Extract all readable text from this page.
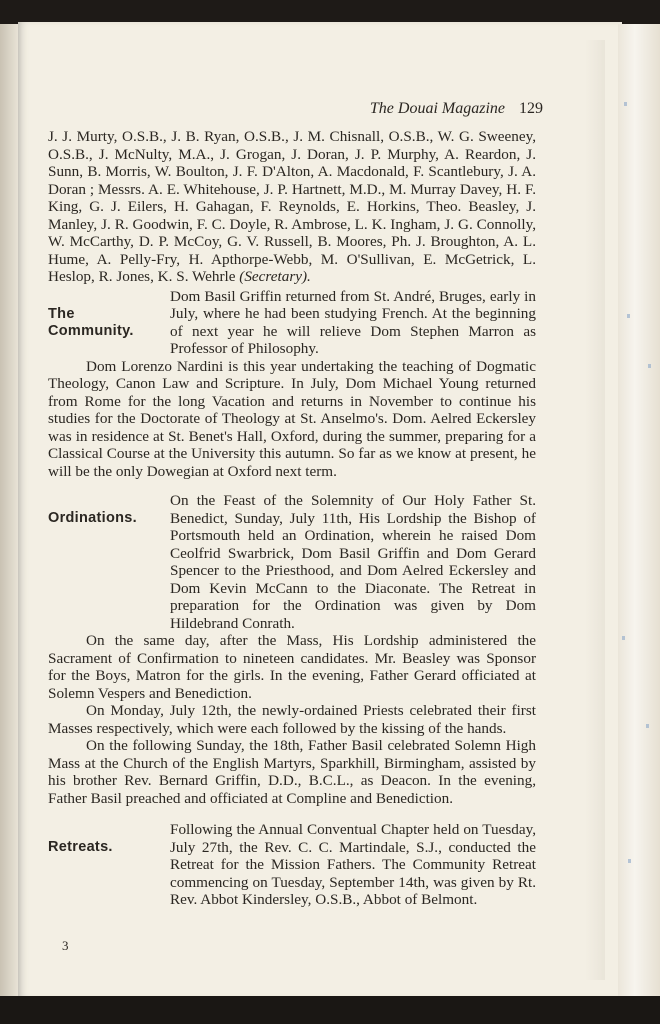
The Douai Magazine 129

J. J. Murty, O.S.B., J. B. Ryan, O.S.B., J. M. Chisnall, O.S.B., W. G. Sweeney, O.S.B., J. McNulty, M.A., J. Grogan, J. Doran, J. P. Murphy, A. Reardon, J. Sunn, B. Morris, W. Boulton, J. F. D'Alton, A. Macdonald, F. Scantlebury, J. A. Doran ; Messrs. A. E. Whitehouse, J. P. Hartnett, M.D., M. Murray Davey, H. F. King, G. J. Eilers, H. Gahagan, F. Reynolds, E. Horkins, Theo. Beasley, J. Manley, J. R. Goodwin, F. C. Doyle, R. Ambrose, L. K. Ingham, J. G. Connolly, W. McCarthy, D. P. McCoy, G. V. Russell, B. Moores, Ph. J. Broughton, A. L. Hume, A. Pelly-Fry, H. Apthorpe-Webb, M. O'Sullivan, E. McGetrick, L. Heslop, R. Jones, K. S. Wehrle (Secretary).

The
Community.

Dom Basil Griffin returned from St. André, Bruges, early in July, where he had been studying French. At the beginning of next year he will relieve Dom Stephen Marron as Professor of Philosophy.

Dom Lorenzo Nardini is this year undertaking the teaching of Dogmatic Theology, Canon Law and Scripture. In July, Dom Michael Young returned from Rome for the long Vacation and returns in November to continue his studies for the Doctorate of Theology at St. Anselmo's. Dom. Aelred Eckersley was in residence at St. Benet's Hall, Oxford, during the summer, preparing for a Classical Course at the University this autumn. So far as we know at present, he will be the only Dowegian at Oxford next term.

Ordinations.

On the Feast of the Solemnity of Our Holy Father St. Benedict, Sunday, July 11th, His Lordship the Bishop of Portsmouth held an Ordination, wherein he raised Dom Ceolfrid Swarbrick, Dom Basil Griffin and Dom Gerard Spencer to the Priesthood, and Dom Aelred Eckersley and Dom Kevin McCann to the Diaconate. The Retreat in preparation for the Ordination was given by Dom Hildebrand Conrath.

On the same day, after the Mass, His Lordship administered the Sacrament of Confirmation to nineteen candidates. Mr. Beasley was Sponsor for the Boys, Matron for the girls. In the evening, Father Gerard officiated at Solemn Vespers and Benediction.

On Monday, July 12th, the newly-ordained Priests celebrated their first Masses respectively, which were each followed by the kissing of the hands.

On the following Sunday, the 18th, Father Basil celebrated Solemn High Mass at the Church of the English Martyrs, Sparkhill, Birmingham, assisted by his brother Rev. Bernard Griffin, D.D., B.C.L., as Deacon. In the evening, Father Basil preached and officiated at Compline and Benediction.

Retreats.

Following the Annual Conventual Chapter held on Tuesday, July 27th, the Rev. C. C. Martindale, S.J., conducted the Retreat for the Mission Fathers. The Community Retreat commencing on Tuesday, September 14th, was given by Rt. Rev. Abbot Kindersley, O.S.B., Abbot of Belmont.

3
